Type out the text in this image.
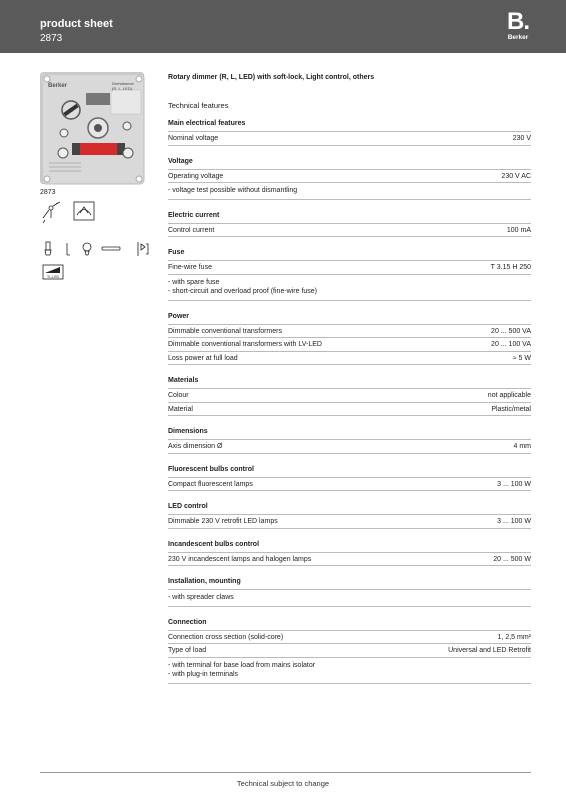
product sheet
2873
B.
Berker
Berker	Drehdimmer
(R, L, LED)
2873
TL-LED
Rotary dimmer (R, L, LED) with soft-lock, Light control, others
Technical features
Main electrical features
Nominal voltage	230 V
Voltage
Operating voltage	230 V AC
- voltage test possible without dismantling
Electric current
Control current	100 mA
Fuse
Fine-wire fuse	T 3.15 H 250
- with spare fuse
- short-circuit and overload proof (fine-wire fuse)
Power
Dimmable conventional transformers	20 ... 500 VA
Dimmable conventional transformers with LV-LED	20 ... 100 VA
Loss power at full load	≈ 5 W
Materials
Colour	not applicable
Material	Plastic/metal
Dimensions
Axis dimension Ø	4 mm
Fluorescent bulbs control
Compact fluorescent lamps	3 ... 100 W
LED control
Dimmable 230 V retrofit LED lamps	3 ... 100 W
Incandescent bulbs control
230 V incandescent lamps and halogen lamps	20 ... 500 W
Installation, mounting
- with spreader claws
Connection
Connection cross section (solid-core)	1, 2,5 mm²
Type of load	Universal and LED Retrofit
- with terminal for base load from mains isolator
- with plug-in terminals
Technical subject to change
